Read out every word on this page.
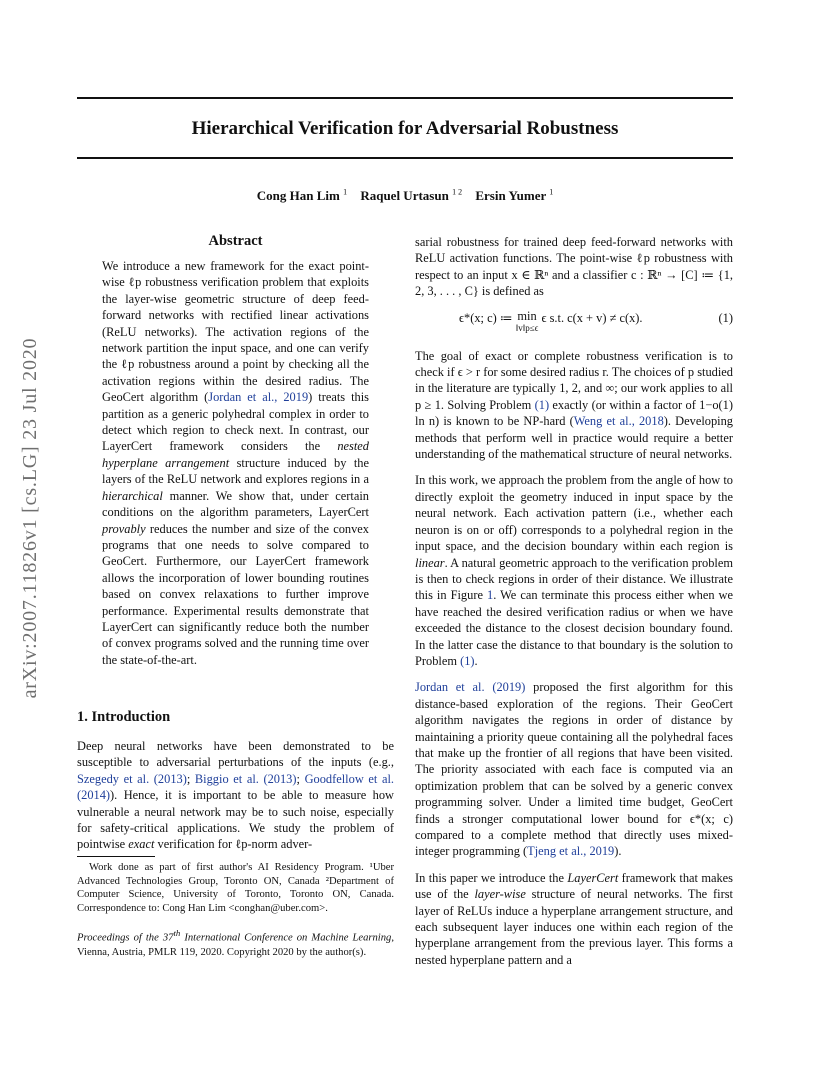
Hierarchical Verification for Adversarial Robustness
Cong Han Lim $^1$ Raquel Urtasun $^{1 2}$ Ersin Yumer $^1$
arXiv:2007.11826v1 [cs.LG] 23 Jul 2020
Abstract

We introduce a new framework for the exact point-wise ℓp robustness verification problem that exploits the layer-wise geometric structure of deep feed-forward networks with rectified linear activations (ReLU networks). The activation regions of the network partition the input space, and one can verify the ℓp robustness around a point by checking all the activation regions within the desired radius. The GeoCert algorithm (Jordan et al., 2019) treats this partition as a generic polyhedral complex in order to detect which region to check next. In contrast, our LayerCert framework considers the nested hyperplane arrangement structure induced by the layers of the ReLU network and explores regions in a hierarchical manner. We show that, under certain conditions on the algorithm parameters, LayerCert provably reduces the number and size of the convex programs that one needs to solve compared to GeoCert. Furthermore, our LayerCert framework allows the incorporation of lower bounding routines based on convex relaxations to further improve performance. Experimental results demonstrate that LayerCert can significantly reduce both the number of convex programs solved and the running time over the state-of-the-art.

1. Introduction

Deep neural networks have been demonstrated to be susceptible to adversarial perturbations of the inputs (e.g., Szegedy et al. (2013); Biggio et al. (2013); Goodfellow et al. (2014)). Hence, it is important to be able to measure how vulnerable a neural network may be to such noise, especially for safety-critical applications. We study the problem of pointwise exact verification for ℓp-norm adver-

Work done as part of first author's AI Residency Program. ¹Uber Advanced Technologies Group, Toronto ON, Canada ²Department of Computer Science, University of Toronto, Toronto ON, Canada. Correspondence to: Cong Han Lim <conghan@uber.com>.

Proceedings of the 37th International Conference on Machine Learning, Vienna, Austria, PMLR 119, 2020. Copyright 2020 by the author(s).

sarial robustness for trained deep feed-forward networks with ReLU activation functions. The point-wise ℓp robustness with respect to an input x ∈ ℝⁿ and a classifier c : ℝⁿ → [C] ≔ {1, 2, 3, . . . , C} is defined as

ϵ*(x; c) ≔ min
‖v‖p≤ϵ
ϵ s.t. c(x + v) ≠ c(x).	(1)

The goal of exact or complete robustness verification is to check if ϵ > r for some desired radius r. The choices of p studied in the literature are typically 1, 2, and ∞; our work applies to all p ≥ 1. Solving Problem (1) exactly (or within a factor of 1−o(1) ln n) is known to be NP-hard (Weng et al., 2018). Developing methods that perform well in practice would require a better understanding of the mathematical structure of neural networks.

In this work, we approach the problem from the angle of how to directly exploit the geometry induced in input space by the neural network. Each activation pattern (i.e., whether each neuron is on or off) corresponds to a polyhedral region in the input space, and the decision boundary within each region is linear. A natural geometric approach to the verification problem is then to check regions in order of their distance. We illustrate this in Figure 1. We can terminate this process either when we have reached the desired verification radius or when we have exceeded the distance to the closest decision boundary found. In the latter case the distance to that boundary is the solution to Problem (1).

Jordan et al. (2019) proposed the first algorithm for this distance-based exploration of the regions. Their GeoCert algorithm navigates the regions in order of distance by maintaining a priority queue containing all the polyhedral faces that make up the frontier of all regions that have been visited. The priority associated with each face is computed via an optimization problem that can be solved by a generic convex programming solver. Under a limited time budget, GeoCert finds a stronger computational lower bound for ϵ*(x; c) compared to a complete method that directly uses mixed-integer programming (Tjeng et al., 2019).

In this paper we introduce the LayerCert framework that makes use of the layer-wise structure of neural networks. The first layer of ReLUs induce a hyperplane arrangement structure, and each subsequent layer induces one within each region of the hyperplane arrangement from the previous layer. This forms a nested hyperplane pattern and a
